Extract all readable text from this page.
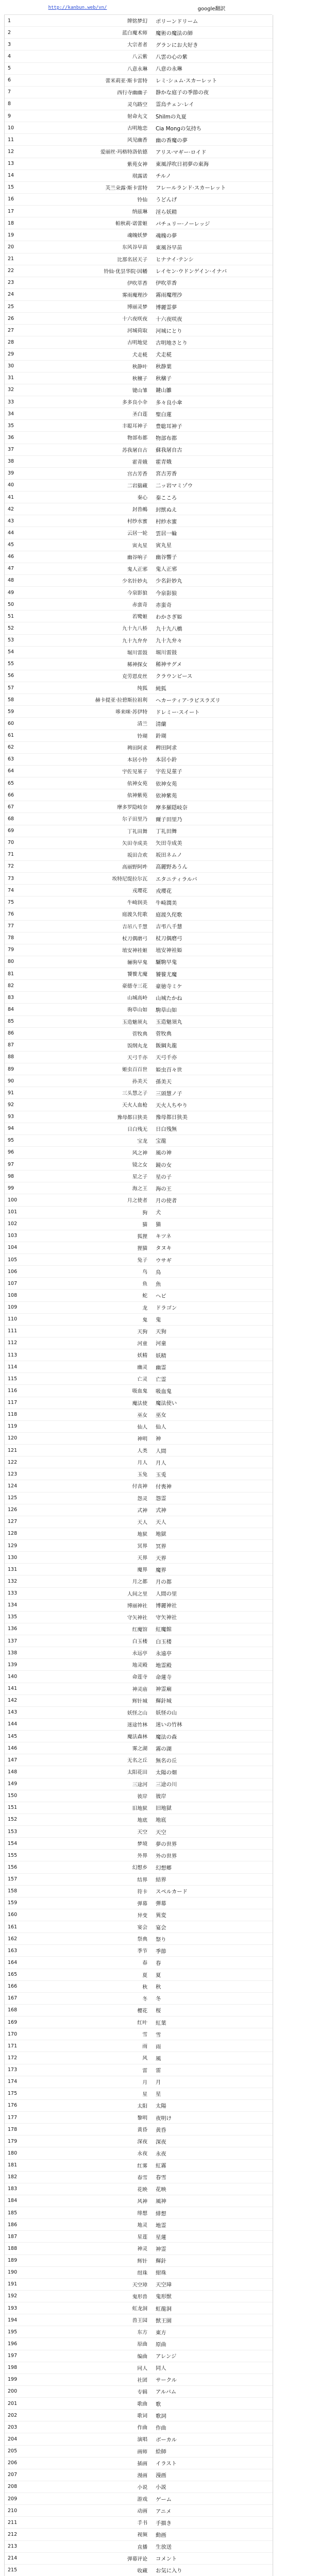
http://kanbun.web/vn/	google翻訳
1	牌铭梦幻	ポリーンドリーム
2	蓝白魔术师	魔術の魔法の師
3	大宗者者	グランにお大好き
4	八云紫	八雲の心の紫
5	八意永琳	八意の永琳
6	蕾米莉亚·斯卡雷特	レミ·シュム·スカーレット
7	西行寺幽幽子	静かな庭子の季節の夜
8	灵乌路空	霊烏チェン·レイ
9	射命丸文	Shilmの丸夏
10	古明地恋	Cia Mongの気持ち
11	风见幽香	幽の香魔の夢
12	爱丽丝·玛格特洛依德	アリス·マギー·ロイド
13	紫苑女神	東風浮吹日初夢の東海
14	琪露诺	チルノ
15	芙兰朵露·斯卡雷特	フレールランド·スカーレット
16	铃仙	うどんげ
17	纳兹琳	淫ら妖精
18	帕秋莉·诺蕾姬	パチュリー·ノーレッジ
19	魂魄妖梦	魂魄の夢
20	东风谷早苗	東風谷早苗
21	比那名居天子	ヒナナイ·テンシ
22	铃仙·优昙华院·因幡	レイセン·ウドンゲイン·イナバ
23	伊吹萃香	伊吹萃香
24	雾雨魔理沙	霧雨魔理沙
25	博丽灵梦	博麗霊夢
26	十六夜咲夜	十六夜咲夜
27	河城荷取	河城にとり
28	古明地觉	古明地さとり
29	犬走椛	犬走椛
30	秋静叶	秋静葉
31	秋穰子	秋穣子
32	键山雏	鍵山雛
33	多多良小伞	多々良小傘
34	圣白莲	聖白蓮
35	丰聪耳神子	豊聡耳神子
36	物部布都	物部布都
37	苏我屠自古	蘇我屠自古
38	霍青娥	霍青娥
39	宫古芳香	宮古芳香
40	二岩猯藏	二ッ岩マミゾウ
41	秦心	秦こころ
42	封兽鵺	封獣ぬえ
43	村纱水蜜	村紗水蜜
44	云居一轮	雲居一輪
45	寅丸星	寅丸星
46	幽谷响子	幽谷響子
47	鬼人正邪	鬼人正邪
48	少名针妙丸	少名針妙丸
49	今泉影狼	今泉影狼
50	赤蛮奇	赤蛮奇
51	若鹭姬	わかさぎ姫
52	九十九八桥	九十九八橋
53	九十九弁弁	九十九弁々
54	堀川雷鼓	堀川雷鼓
55	稀神探女	稀神サグメ
56	克劳恩皮丝	クラウンピース
57	纯狐	純狐
58	赫卡提亚·拉碧斯拉祖利	ヘカーティア·ラピスラズリ
59	哆来咪·苏伊特	ドレミー·スイート
60	清兰	清蘭
61	铃瑚	鈴瑚
62	稗田阿求	稗田阿求
63	本居小铃	本居小鈴
64	宇佐见堇子	宇佐見菫子
65	依神女苑	依神女苑
66	依神紫苑	依神紫苑
67	摩多罗隐岐奈	摩多羅隠岐奈
68	尔子田里乃	爾子田里乃
69	丁礼田舞	丁礼田舞
70	矢田寺成美	矢田寺成美
71	坂田合欢	坂田ネムノ
72	高丽野阿吽	高麗野あうん
73	埃特尼缇拉尔瓦	エタニティラルバ
74	戎璎花	戎瓔花
75	牛崎润美	牛崎潤美
76	庭渡久侘歌	庭渡久侘歌
77	吉吊八千慧	吉弔八千慧
78	杖刀偶磨弓	杖刀偶磨弓
79	埴安神袿姬	埴安神袿姫
80	骊驹早鬼	驪駒早鬼
81	饕餮尤魔	饕餮尤魔
82	豪德寺三花	豪徳寺ミケ
83	山城高岭	山城たかね
84	驹草山如	駒草山如
85	玉造魅须丸	玉造魅須丸
86	菅牧典	菅牧典
87	饭纲丸龙	飯綱丸龍
88	天弓千亦	天弓千亦
89	姬虫百百世	姫虫百々世
90	孙美天	孫美天
91	三头慧之子	三頭慧ノ子
92	天火人血枪	天火人ちやり
93	豫母都日狭美	豫母都日狭美
94	日白残无	日白残無
95	宝龙	宝龍
96	风之神	風の神
97	镜之女	鏡の女
98	星之子	星の子
99	海之王	海の王
100	月之使者	月の使者
101	狗	犬
102	猫	猫
103	狐狸	キツネ
104	狸猫	タヌキ
105	兔子	ウサギ
106	鸟	鳥
107	鱼	魚
108	蛇	ヘビ
109	龙	ドラゴン
110	鬼	鬼
111	天狗	天狗
112	河童	河童
113	妖精	妖精
114	幽灵	幽霊
115	亡灵	亡霊
116	吸血鬼	吸血鬼
117	魔法使	魔法使い
118	巫女	巫女
119	仙人	仙人
120	神明	神
121	人类	人間
122	月人	月人
123	玉兔	玉兎
124	付丧神	付喪神
125	怨灵	怨霊
126	式神	式神
127	天人	天人
128	地狱	地獄
129	冥界	冥界
130	天界	天界
131	魔界	魔界
132	月之都	月の都
133	人间之里	人間の里
134	博丽神社	博麗神社
135	守矢神社	守矢神社
136	红魔馆	紅魔館
137	白玉楼	白玉楼
138	永远亭	永遠亭
139	地灵殿	地霊殿
140	命莲寺	命蓮寺
141	神灵庙	神霊廟
142	辉针城	輝針城
143	妖怪之山	妖怪の山
144	迷途竹林	迷いの竹林
145	魔法森林	魔法の森
146	雾之湖	霧の湖
147	无名之丘	無名の丘
148	太阳花田	太陽の畑
149	三途河	三途の川
150	彼岸	彼岸
151	旧地狱	旧地獄
152	地底	地底
153	天空	天空
154	梦境	夢の世界
155	外界	外の世界
156	幻想乡	幻想郷
157	结界	結界
158	符卡	スペルカード
159	弹幕	弾幕
160	异变	異変
161	宴会	宴会
162	祭典	祭り
163	季节	季節
164	春	春
165	夏	夏
166	秋	秋
167	冬	冬
168	樱花	桜
169	红叶	紅葉
170	雪	雪
171	雨	雨
172	风	風
173	雷	雷
174	月	月
175	星	星
176	太阳	太陽
177	黎明	夜明け
178	黄昏	黄昏
179	深夜	深夜
180	永夜	永夜
181	红雾	紅霧
182	春雪	春雪
183	花映	花映
184	风神	風神
185	绯想	緋想
186	地灵	地霊
187	星莲	星蓮
188	神灵	神霊
189	辉针	輝針
190	绀珠	紺珠
191	天空璋	天空璋
192	鬼形兽	鬼形獣
193	虹龙洞	虹龍洞
194	兽王园	獣王園
195	东方	東方
196	原曲	原曲
197	编曲	アレンジ
198	同人	同人
199	社团	サークル
200	专辑	アルバム
201	歌曲	歌
202	歌词	歌詞
203	作曲	作曲
204	演唱	ボーカル
205	画师	絵師
206	插画	イラスト
207	漫画	漫画
208	小说	小説
209	游戏	ゲーム
210	动画	アニメ
211	手书	手描き
212	视频	動画
213	直播	生放送
214	弹幕评论	コメント
215	收藏	お気に入り
